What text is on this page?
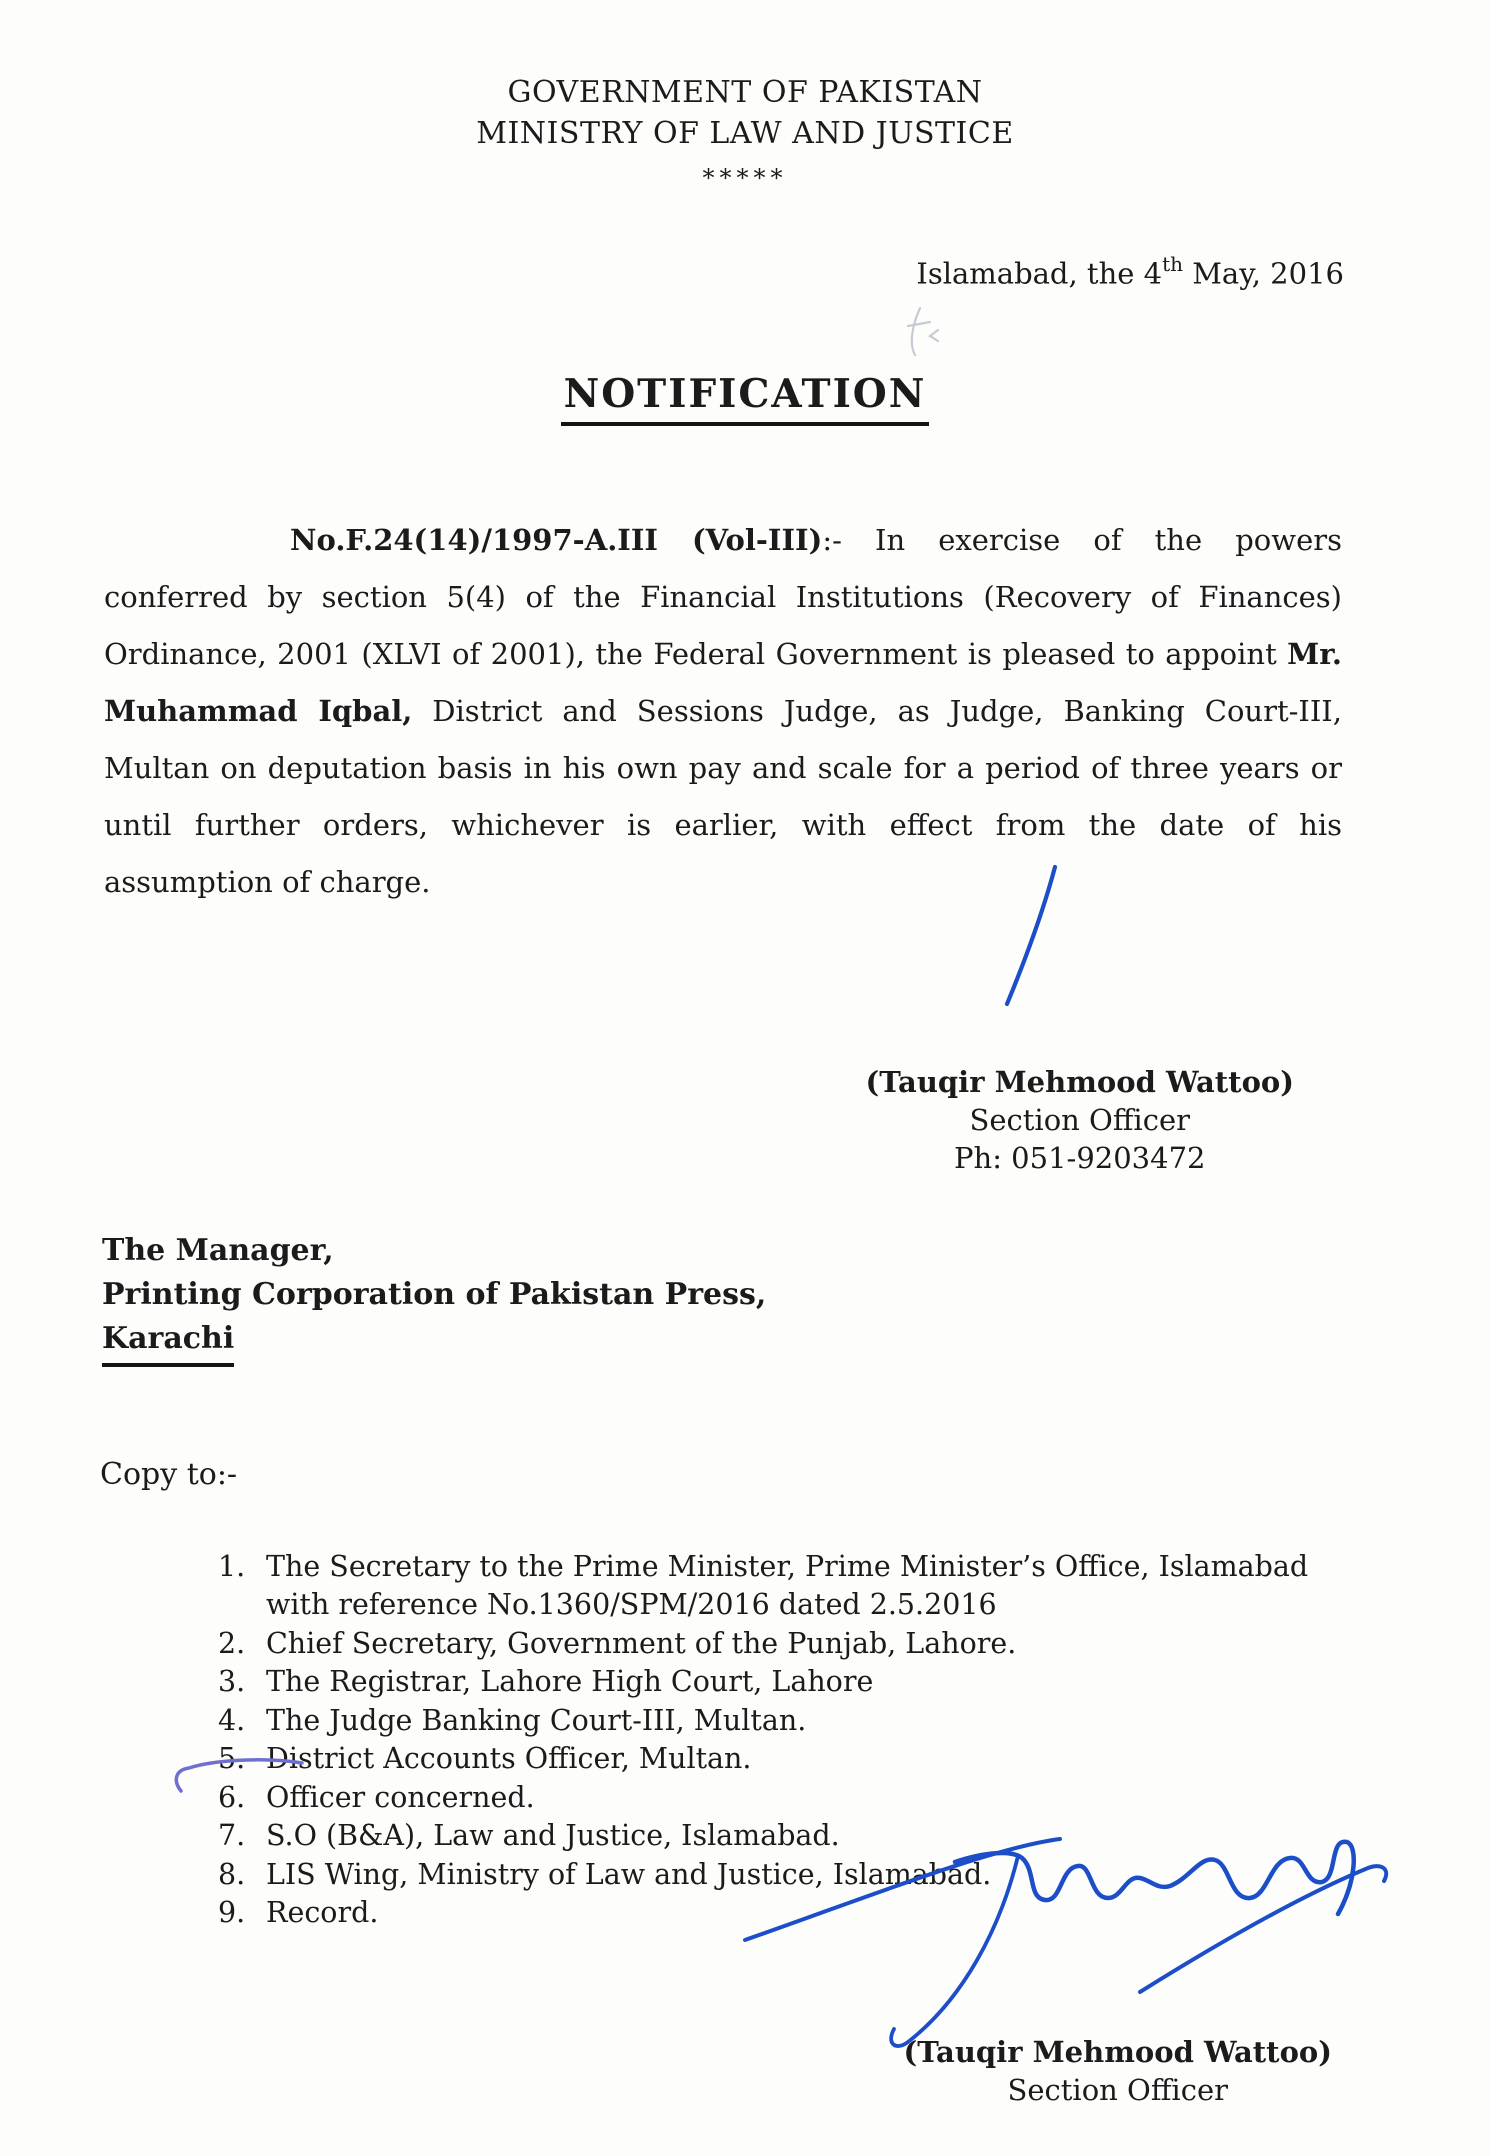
GOVERNMENT OF PAKISTAN
MINISTRY OF LAW AND JUSTICE
*****
Islamabad, the 4th May, 2016
NOTIFICATION

No.F.24(14)/1997-A.III (Vol-III):- In exercise of the powers conferred by section 5(4) of the Financial Institutions (Recovery of Finances) Ordinance, 2001 (XLVI of 2001), the Federal Government is pleased to appoint Mr. Muhammad Iqbal, District and Sessions Judge, as Judge, Banking Court-III, Multan on deputation basis in his own pay and scale for a period of three years or until further orders, whichever is earlier, with effect from the date of his assumption of charge.

(Tauqir Mehmood Wattoo)
Section Officer
Ph: 051-9203472
The Manager,
Printing Corporation of Pakistan Press,
Karachi
Copy to:-
1. The Secretary to the Prime Minister, Prime Minister’s Office, Islamabad
with reference No.1360/SPM/2016 dated 2.5.2016
2. Chief Secretary, Government of the Punjab, Lahore.
3. The Registrar, Lahore High Court, Lahore
4. The Judge Banking Court-III, Multan.
5. District Accounts Officer, Multan.
6. Officer concerned.
7. S.O (B&A), Law and Justice, Islamabad.
8. LIS Wing, Ministry of Law and Justice, Islamabad.
9. Record.
(Tauqir Mehmood Wattoo)
Section Officer
